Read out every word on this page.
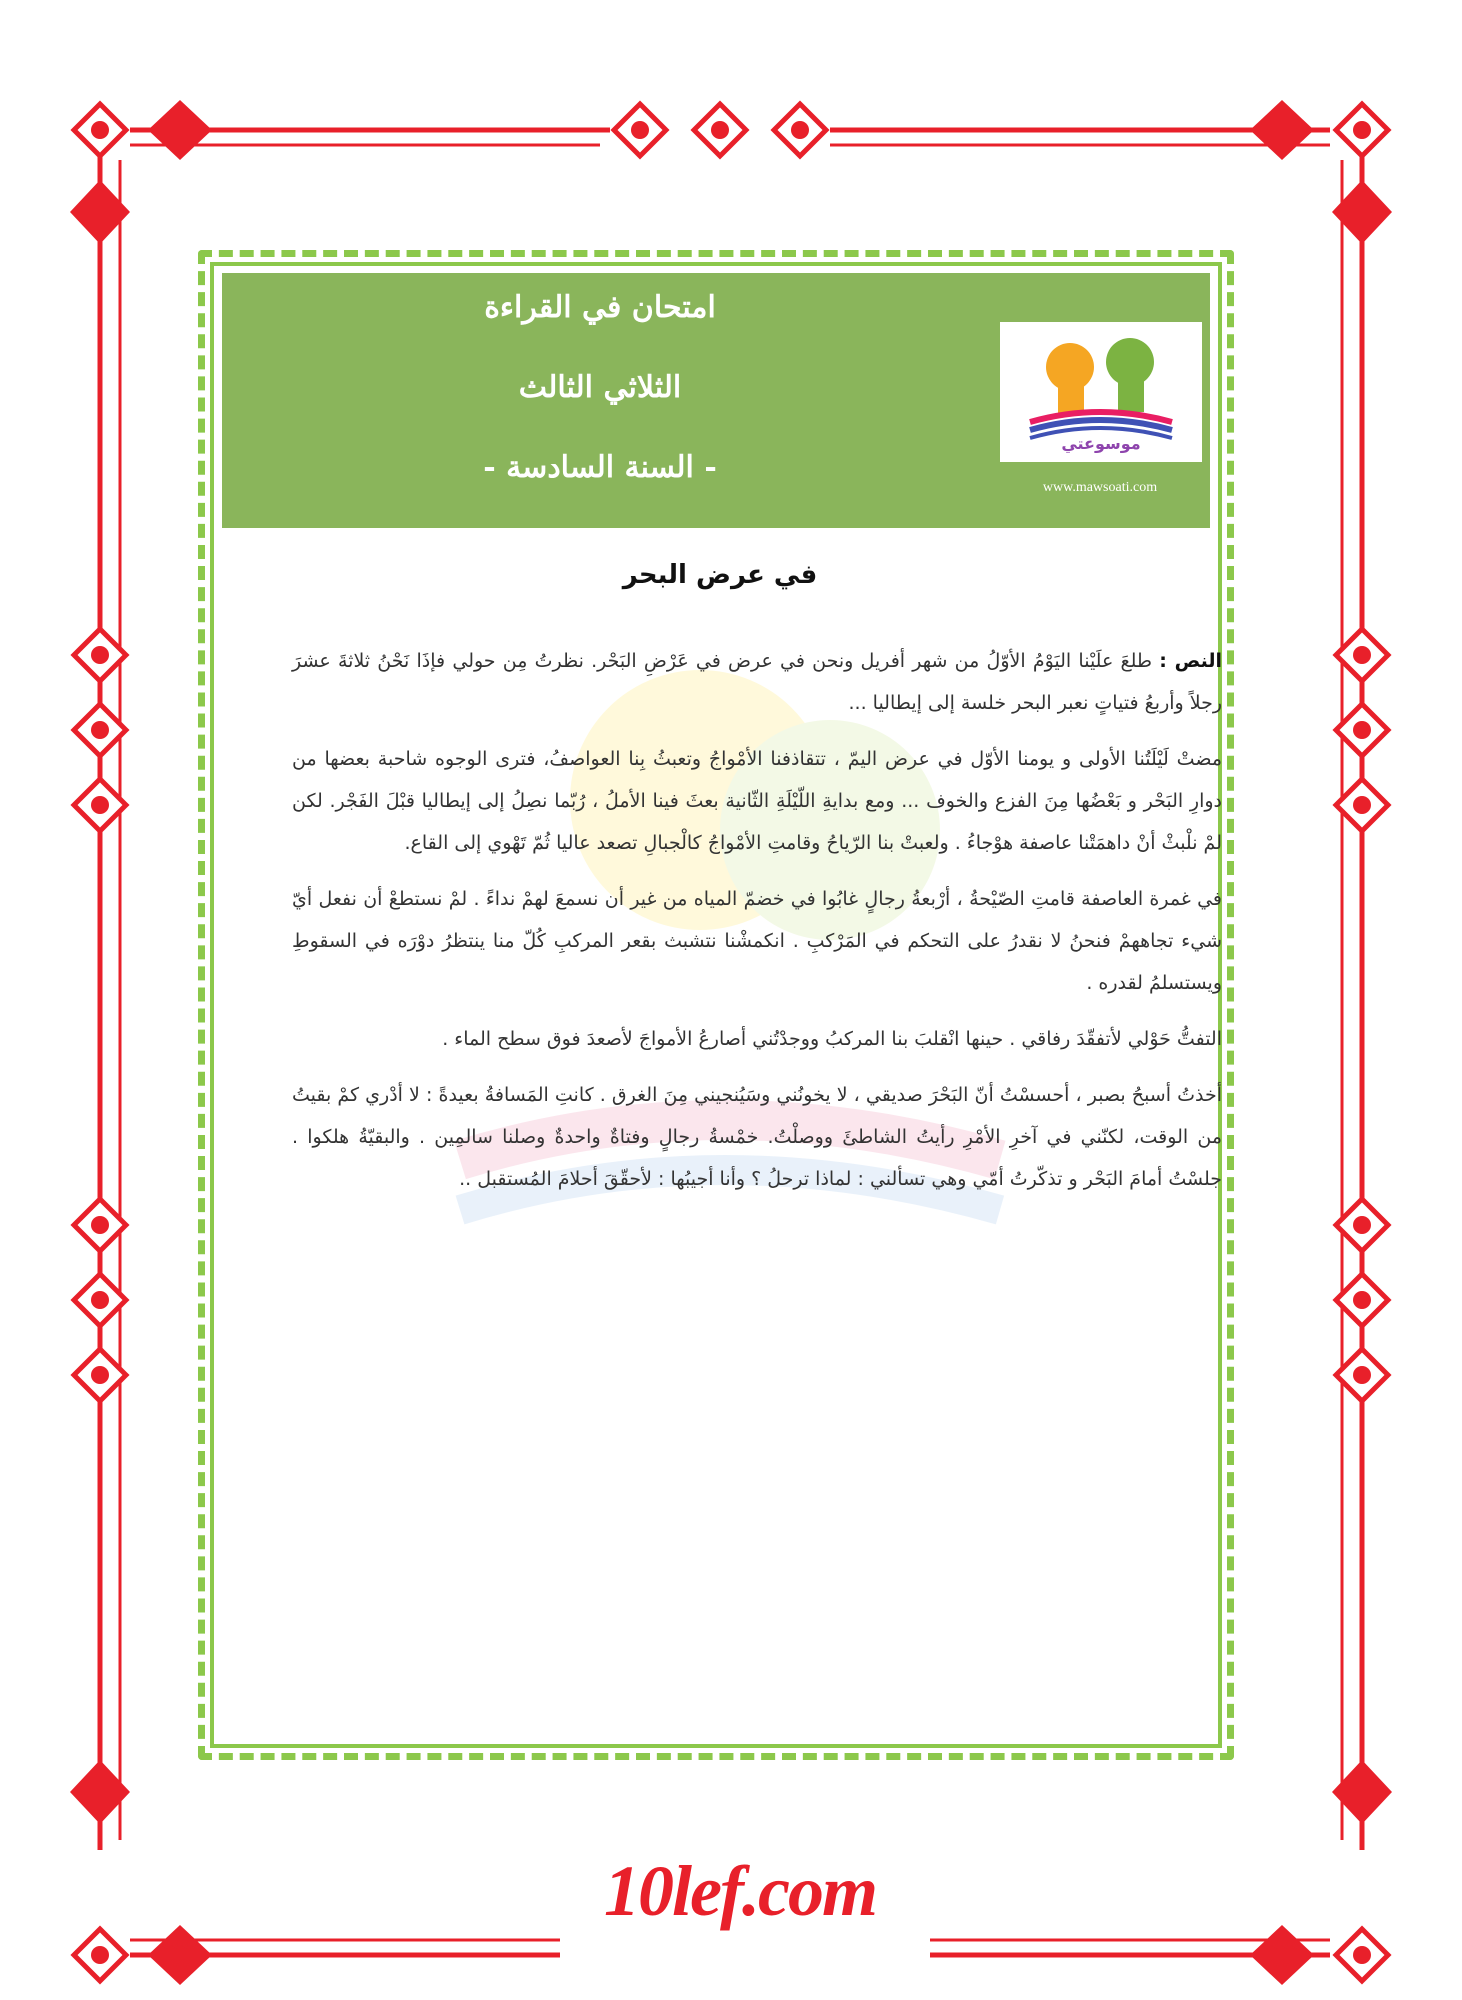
امتحان في القراءة
الثلاثي الثالث
- السنة السادسة -
موسوعتي
www.mawsoati.com
في عرض البحر

النص : طلعَ علَيْنا اليَوْمُ الأوّلُ من شهر أفريل ونحن في عرض في عَرْضِ البَحْر. نظرتُ مِن حولي فإذَا نَحْنُ ثلاثةَ عشرَ رجلاً وأربعُ فتياتٍ نعبر البحر خلسة إلى إيطاليا ...

مضتْ لَيْلَتُنا الأولى و يومنا الأوّل في عرض اليمّ ، تتقاذفنا الأمْواجُ وتعبثُ بِنا العواصفُ، فترى الوجوه شاحبة بعضها من دوارِ البَحْر و بَعْضُها مِنَ الفزع والخوف ... ومع بدايةِ اللّيْلَةِ الثّانية بعثَ فينا الأملُ ، رُبّما نصِلُ إلى إيطاليا قبْلَ الفَجْر. لكن لمْ نلْبثْ أنْ داهمَتْنا عاصفة هوْجاءُ . ولعبتْ بنا الرّياحُ وقامتِ الأمْواجُ كالْجبالِ تصعد عاليا ثُمّ تَهْوي إلى القاع.

في غمرة العاصفة قامتِ الصّيْحةُ ، أرْبعةُ رجالٍ غابُوا في خضمّ المياه من غير أن نسمعَ لهمْ نداءً . لمْ نستطعْ أن نفعل أيّ شيء تجاههمْ فنحنُ لا نقدرُ على التحكم في المَرْكبِ . انكمشْنا نتشبث بقعر المركبِ كُلّ منا ينتظرُ دوْرَه في السقوطِ ويستسلمُ لقدره .

التفتُّ حَوْلي لأتفقّدَ رفاقي . حينها انْقلبَ بنا المركبُ ووجدْتُني أصارعُ الأمواجَ لأصعدَ فوق سطح الماء .

أخذتُ أسبحُ بصبر ، أحسسْتُ أنّ البَحْرَ صديقي ، لا يخونُني وسَيُنجيني مِنَ الغرق . كانتِ المَسافةُ بعيدةً : لا أدْري كمْ بقيتُ من الوقت، لكنّني في آخرِ الأمْرِ رأيتُ الشاطئَ ووصلْتُ. خمْسةُ رجالٍ وفتاةٌ واحدةٌ وصلنا سالمِين . والبقيّةُ هلكوا . جلسْتُ أمامَ البَحْر و تذكّرتُ أمّي وهي تسألني : لماذا ترحلُ ؟ وأنا أجيبُها : لأحقّقَ أحلامَ المُستقبل ..

10lef.com
